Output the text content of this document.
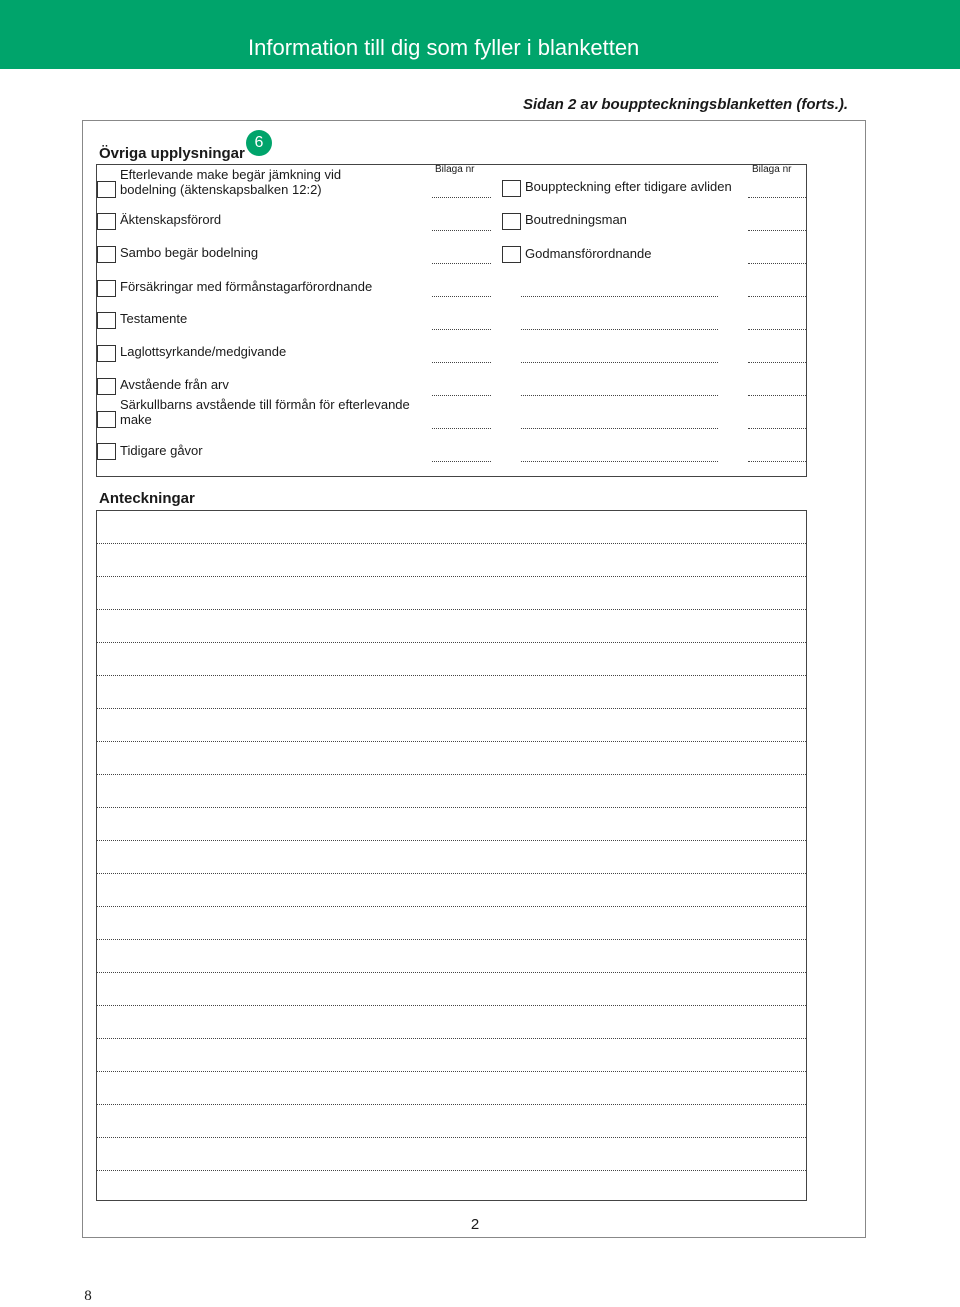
Information till dig som fyller i blanketten
Sidan 2 av bouppteckningsblanketten (forts.).
Övriga upplysningar
6
Bilaga nr	Bilaga nr
Efterlevande make begär jämkning vid
bodelning (äktenskapsbalken 12:2)
Äktenskapsförord
Sambo begär bodelning
Försäkringar med förmånstagarförordnande
Testamente
Laglottsyrkande/medgivande
Avstående från arv
Särkullbarns avstående till förmån för efterlevande
make
Tidigare gåvor
Bouppteckning efter tidigare avliden
Boutredningsman
Godmansförordnande
Anteckningar
2
8
